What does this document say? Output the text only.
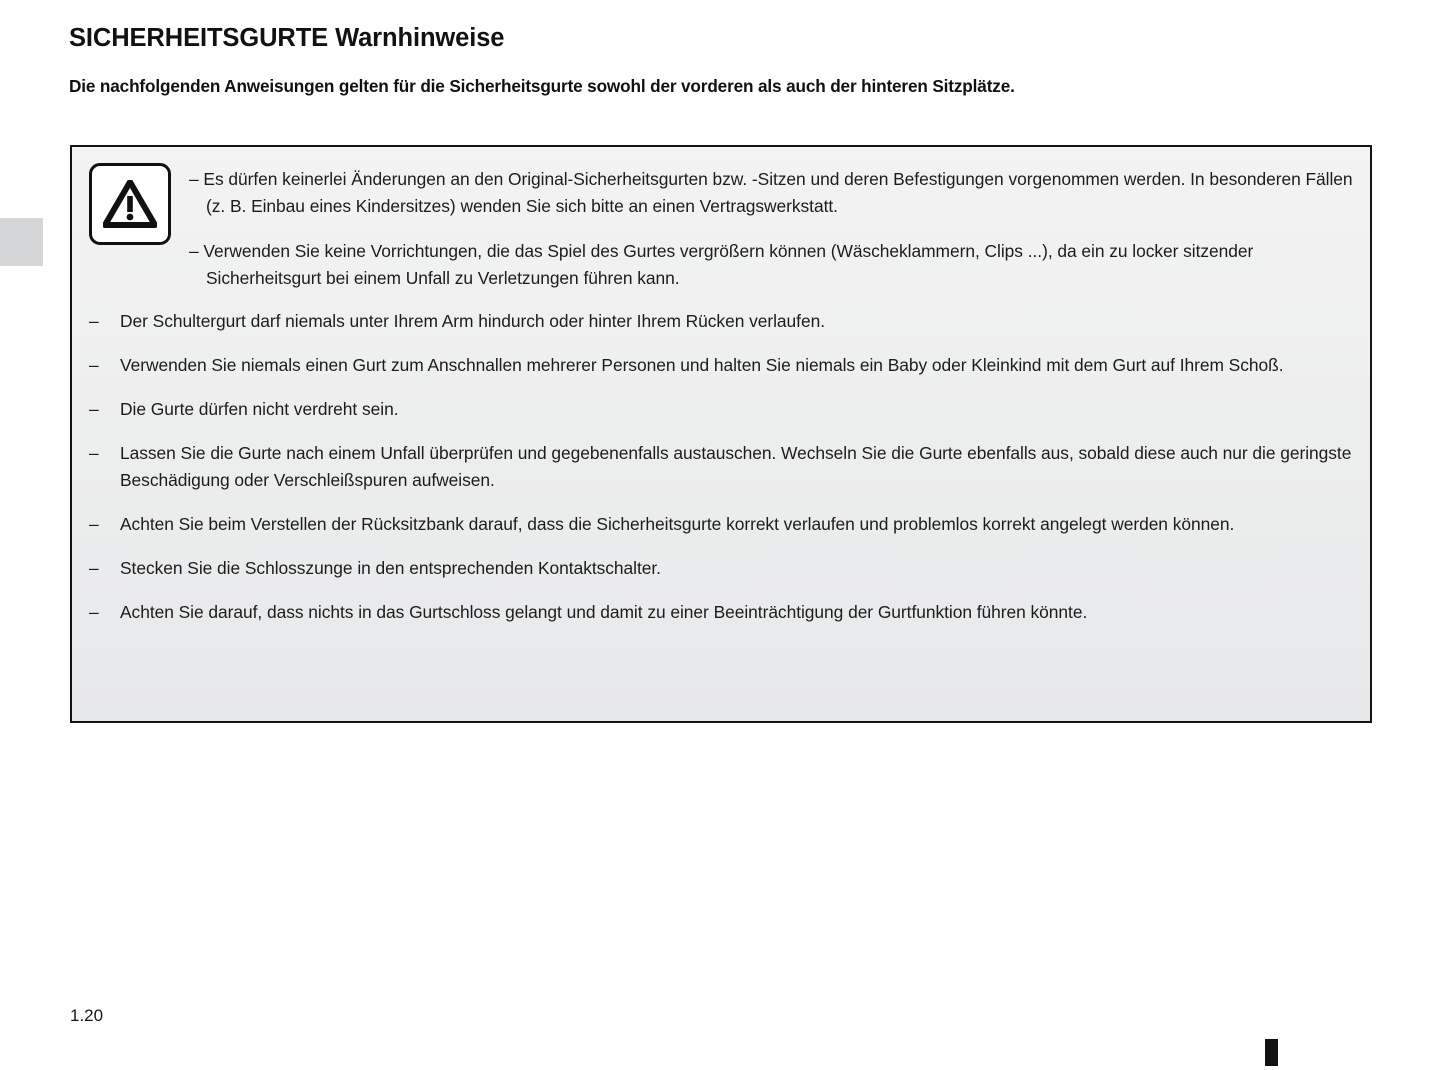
SICHERHEITSGURTE Warnhinweise
Die nachfolgenden Anweisungen gelten für die Sicherheitsgurte sowohl der vorderen als auch der hinteren Sitzplätze.
– Es dürfen keinerlei Änderungen an den Original-Sicherheitsgurten bzw. -Sitzen und deren Befestigungen vorgenommen werden. In besonderen Fällen (z. B. Einbau eines Kindersitzes) wenden Sie sich bitte an einen Vertragswerkstatt.
– Verwenden Sie keine Vorrichtungen, die das Spiel des Gurtes vergrößern können (Wäscheklammern, Clips ...), da ein zu locker sitzender Sicherheitsgurt bei einem Unfall zu Verletzungen führen kann.
–	Der Schultergurt darf niemals unter Ihrem Arm hindurch oder hinter Ihrem Rücken verlaufen.
–	Verwenden Sie niemals einen Gurt zum Anschnallen mehrerer Personen und halten Sie niemals ein Baby oder Kleinkind mit dem Gurt auf Ihrem Schoß.
–	Die Gurte dürfen nicht verdreht sein.
–	Lassen Sie die Gurte nach einem Unfall überprüfen und gegebenenfalls austauschen. Wechseln Sie die Gurte ebenfalls aus, sobald diese auch nur die geringste Beschädigung oder Verschleißspuren aufweisen.
–	Achten Sie beim Verstellen der Rücksitzbank darauf, dass die Sicherheitsgurte korrekt verlaufen und problemlos korrekt angelegt werden können.
–	Stecken Sie die Schlosszunge in den entsprechenden Kontaktschalter.
–	Achten Sie darauf, dass nichts in das Gurtschloss gelangt und damit zu einer Beeinträchtigung der Gurtfunktion führen könnte.
1.20
